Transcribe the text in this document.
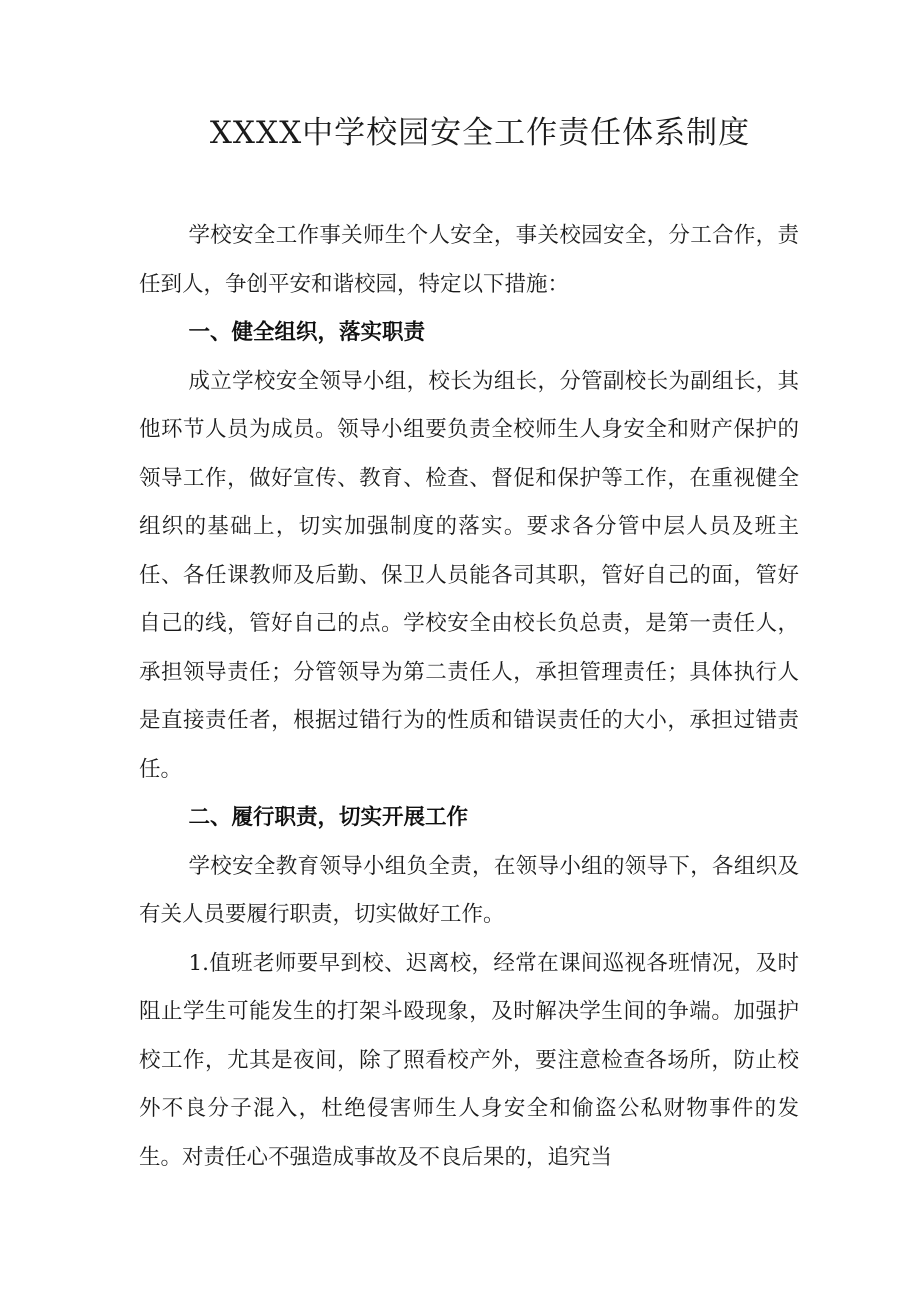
XXXX中学校园安全工作责任体系制度

学校安全工作事关师生个人安全，事关校园安全，分工合作，责任到人，争创平安和谐校园，特定以下措施：

一、健全组织，落实职责

成立学校安全领导小组，校长为组长，分管副校长为副组长，其他环节人员为成员。领导小组要负责全校师生人身安全和财产保护的领导工作，做好宣传、教育、检查、督促和保护等工作，在重视健全组织的基础上，切实加强制度的落实。要求各分管中层人员及班主任、各任课教师及后勤、保卫人员能各司其职，管好自己的面，管好自己的线，管好自己的点。学校安全由校长负总责，是第一责任人，承担领导责任；分管领导为第二责任人，承担管理责任；具体执行人是直接责任者，根据过错行为的性质和错误责任的大小，承担过错责任。

二、履行职责，切实开展工作

学校安全教育领导小组负全责，在领导小组的领导下，各组织及有关人员要履行职责，切实做好工作。

1.值班老师要早到校、迟离校，经常在课间巡视各班情况，及时阻止学生可能发生的打架斗殴现象，及时解决学生间的争端。加强护校工作，尤其是夜间，除了照看校产外，要注意检查各场所，防止校外不良分子混入，杜绝侵害师生人身安全和偷盗公私财物事件的发生。对责任心不强造成事故及不良后果的，追究当
